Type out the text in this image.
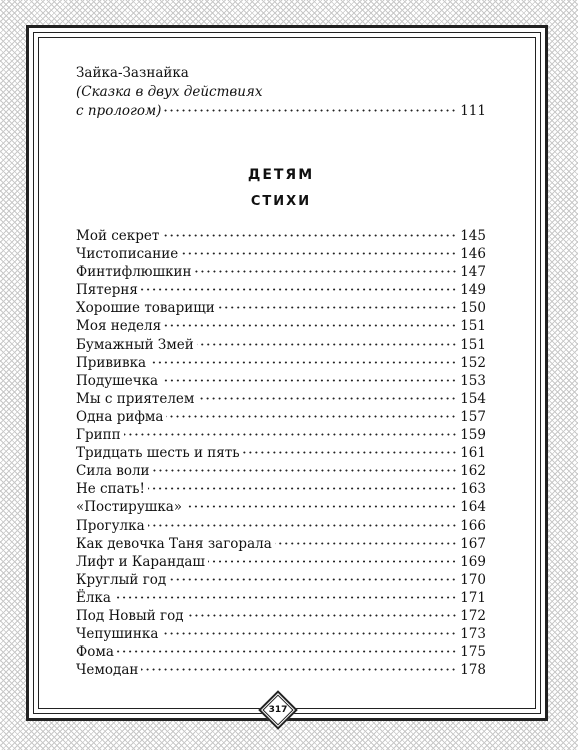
Зайка-Зазнайка
(Сказка в двух действиях
с прологом)	111
ДЕТЯМ
СТИХИ
Мой секрет	145
Чистописание	146
Финтифлюшкин	147
Пятерня	149
Хорошие товарищи	150
Моя неделя	151
Бумажный Змей	151
Прививка	152
Подушечка	153
Мы с приятелем	154
Одна рифма	157
Грипп	159
Тридцать шесть и пять	161
Сила воли	162
Не спать!	163
«Постирушка»	164
Прогулка	166
Как девочка Таня загорала	167
Лифт и Карандаш	169
Круглый год	170
Ёлка	171
Под Новый год	172
Чепушинка	173
Фома	175
Чемодан	178
317
